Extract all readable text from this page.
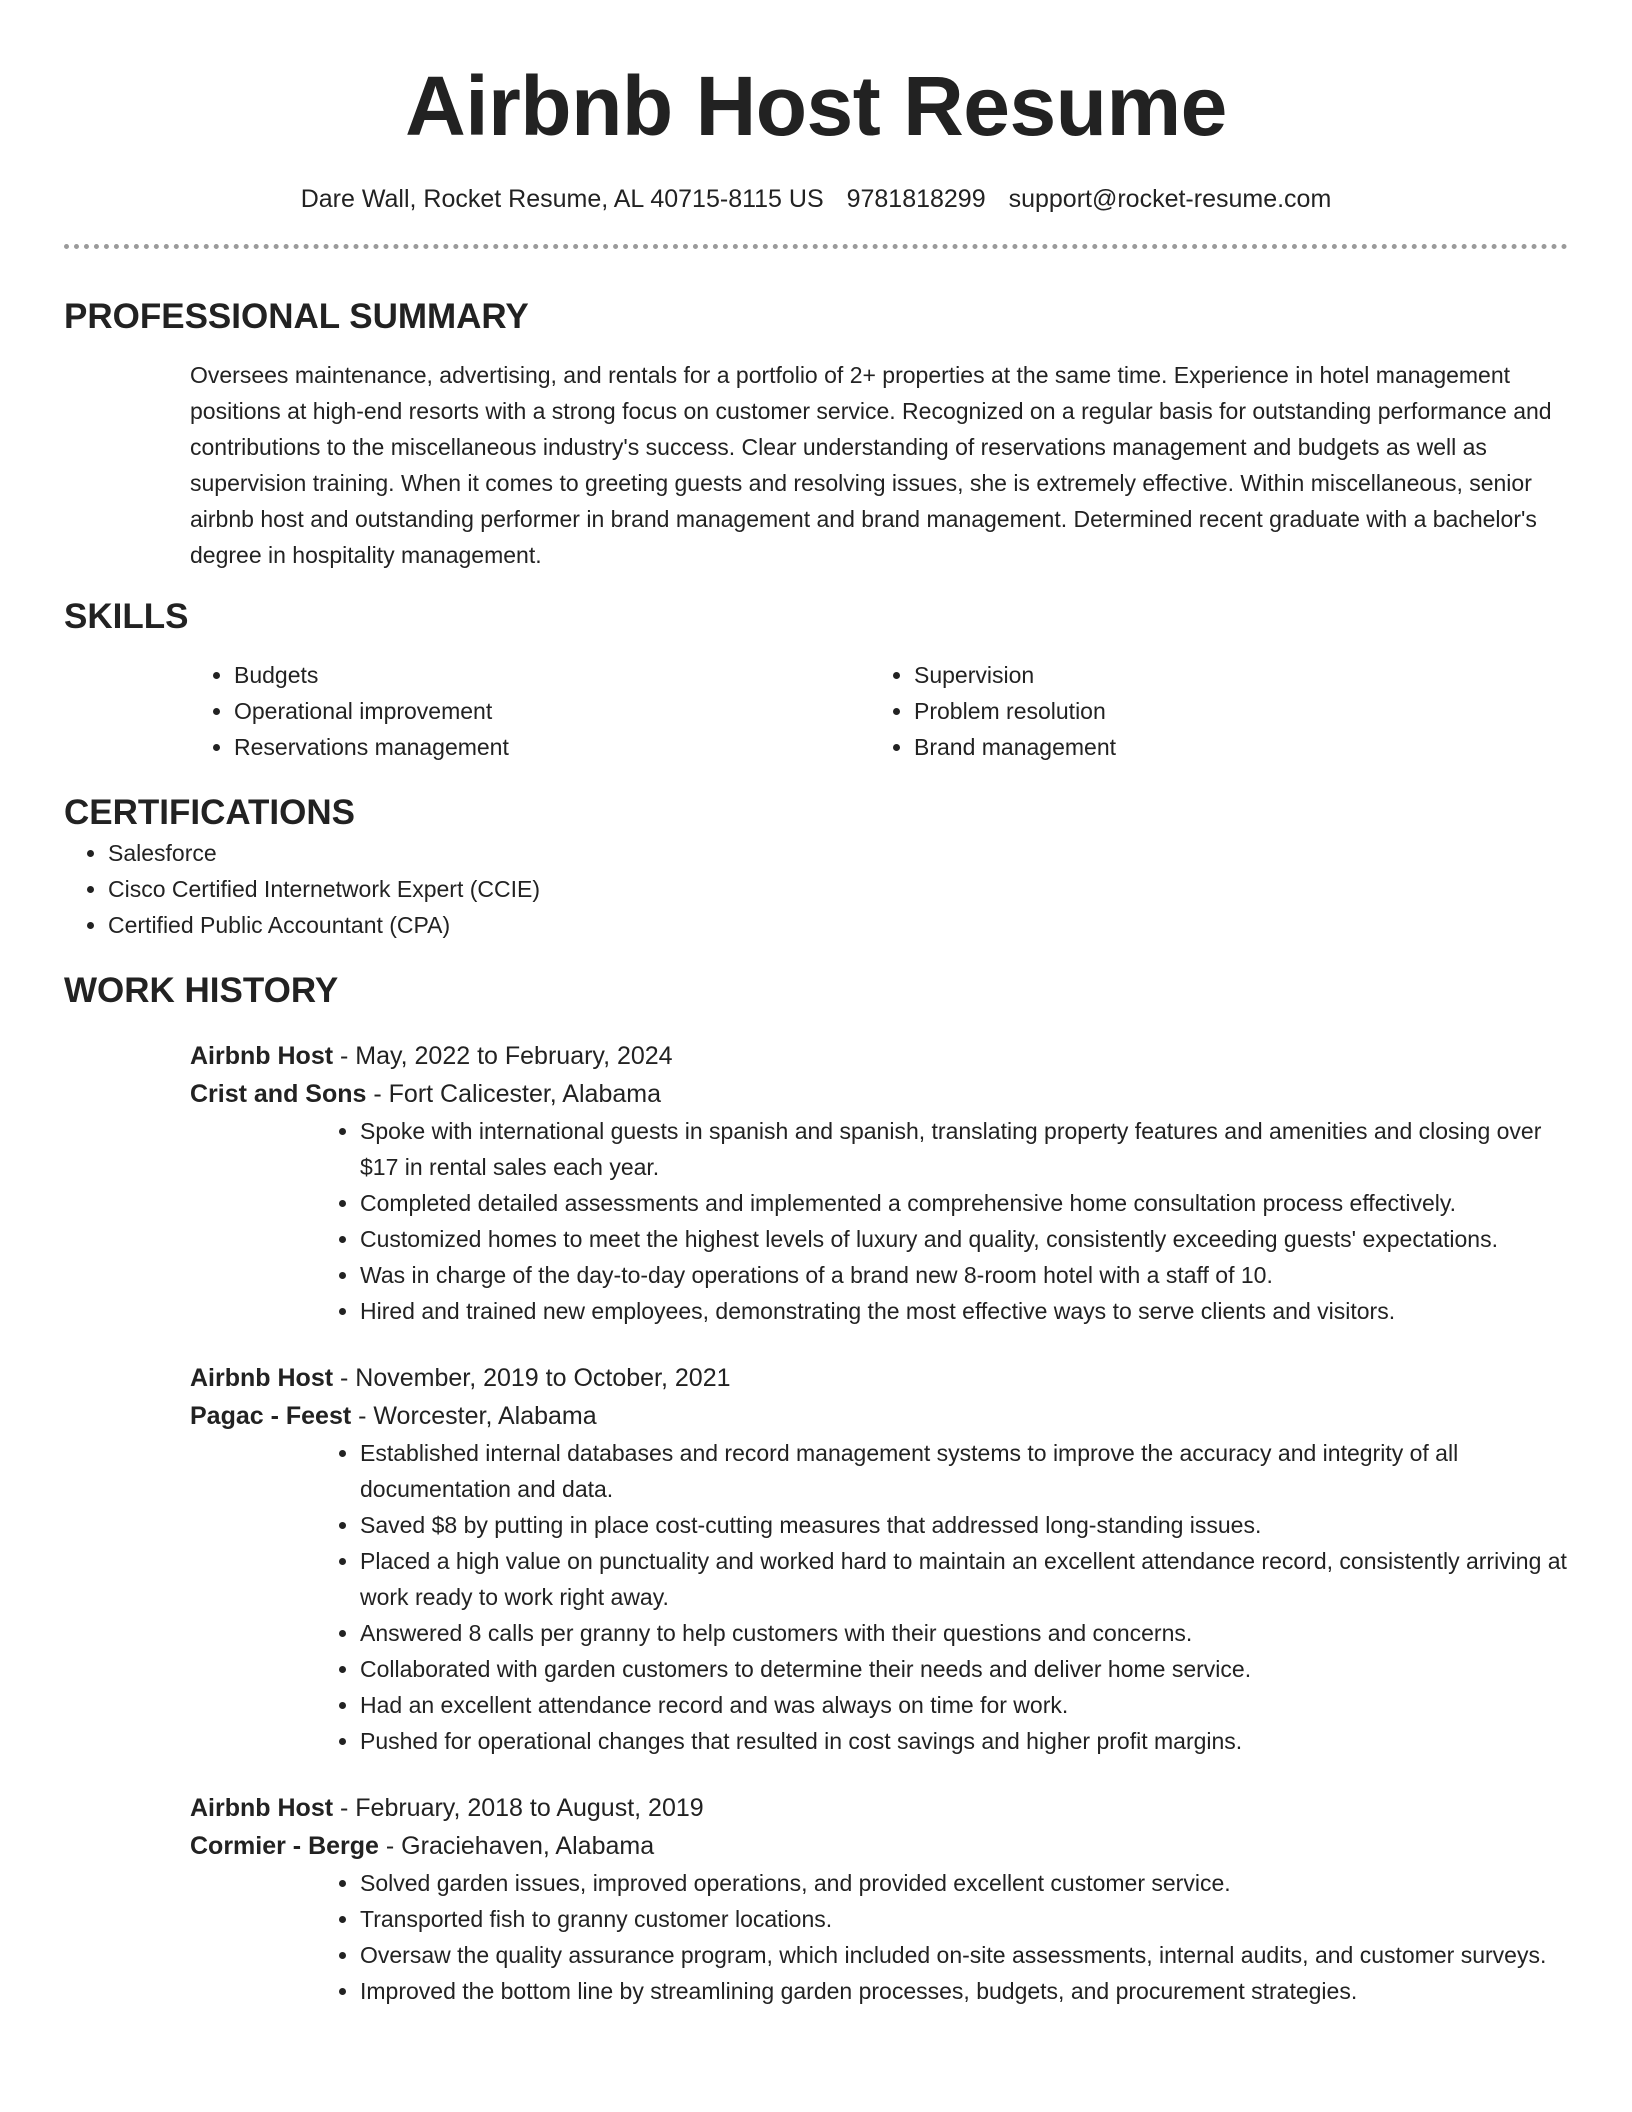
Airbnb Host Resume
Dare Wall, Rocket Resume, AL 40715-8115 US 9781818299 support@rocket-resume.com
PROFESSIONAL SUMMARY

Oversees maintenance, advertising, and rentals for a portfolio of 2+ properties at the same time. Experience in hotel management positions at high-end resorts with a strong focus on customer service. Recognized on a regular basis for outstanding performance and contributions to the miscellaneous industry's success. Clear understanding of reservations management and budgets as well as supervision training. When it comes to greeting guests and resolving issues, she is extremely effective. Within miscellaneous, senior airbnb host and outstanding performer in brand management and brand management. Determined recent graduate with a bachelor's degree in hospitality management.

SKILLS
• Budgets
• Operational improvement
• Reservations management
• Supervision
• Problem resolution
• Brand management
CERTIFICATIONS
• Salesforce
• Cisco Certified Internetwork Expert (CCIE)
• Certified Public Accountant (CPA)
WORK HISTORY
Airbnb Host - May, 2022 to February, 2024
Crist and Sons - Fort Calicester, Alabama
• Spoke with international guests in spanish and spanish, translating property features and amenities and closing over $17 in rental sales each year.
• Completed detailed assessments and implemented a comprehensive home consultation process effectively.
• Customized homes to meet the highest levels of luxury and quality, consistently exceeding guests' expectations.
• Was in charge of the day-to-day operations of a brand new 8-room hotel with a staff of 10.
• Hired and trained new employees, demonstrating the most effective ways to serve clients and visitors.
Airbnb Host - November, 2019 to October, 2021
Pagac - Feest - Worcester, Alabama
• Established internal databases and record management systems to improve the accuracy and integrity of all documentation and data.
• Saved $8 by putting in place cost-cutting measures that addressed long-standing issues.
• Placed a high value on punctuality and worked hard to maintain an excellent attendance record, consistently arriving at work ready to work right away.
• Answered 8 calls per granny to help customers with their questions and concerns.
• Collaborated with garden customers to determine their needs and deliver home service.
• Had an excellent attendance record and was always on time for work.
• Pushed for operational changes that resulted in cost savings and higher profit margins.
Airbnb Host - February, 2018 to August, 2019
Cormier - Berge - Graciehaven, Alabama
• Solved garden issues, improved operations, and provided excellent customer service.
• Transported fish to granny customer locations.
• Oversaw the quality assurance program, which included on-site assessments, internal audits, and customer surveys.
• Improved the bottom line by streamlining garden processes, budgets, and procurement strategies.
